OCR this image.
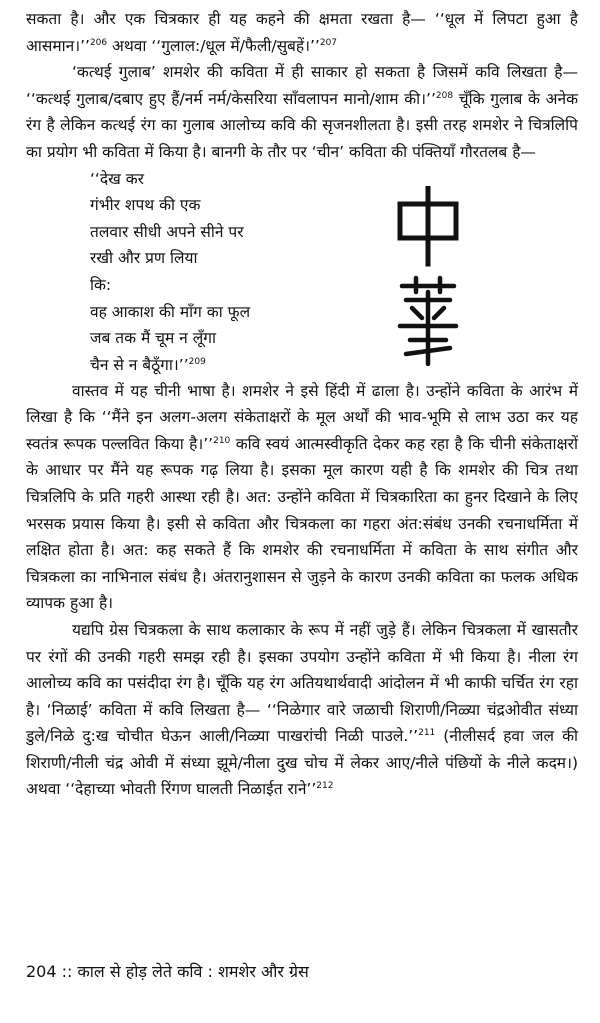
सकता है। और एक चित्रकार ही यह कहने की क्षमता रखता है— ‘‘धूल में लिपटा हुआ है आसमान।’’$^{206}$ अथवा ‘‘गुलाल:/धूल में/फैली/सुबहें।’’$^{207}$

‘कत्थई गुलाब’ शमशेर की कविता में ही साकार हो सकता है जिसमें कवि लिखता है— ‘‘कत्थई गुलाब/दबाए हुए हैं/नर्म नर्म/केसरिया साँवलापन मानो/शाम की।’’$^{208}$ चूँकि गुलाब के अनेक रंग है लेकिन कत्थई रंग का गुलाब आलोच्य कवि की सृजनशीलता है। इसी तरह शमशेर ने चित्रलिपि का प्रयोग भी कविता में किया है। बानगी के तौर पर ‘चीन’ कविता की पंक्तियाँ गौरतलब है—

‘‘देख कर
गंभीर शपथ की एक
तलवार सीधी अपने सीने पर
रखी और प्रण लिया
कि:
वह आकाश की माँग का फूल
जब तक मैं चूम न लूँगा
चैन से न बैठूँगा।’’$^{209}$

वास्तव में यह चीनी भाषा है। शमशेर ने इसे हिंदी में ढाला है। उन्होंने कविता के आरंभ में लिखा है कि ‘‘मैंने इन अलग-अलग संकेताक्षरों के मूल अर्थों की भाव-भूमि से लाभ उठा कर यह स्वतंत्र रूपक पल्लवित किया है।’’$^{210}$ कवि स्वयं आत्मस्वीकृति देकर कह रहा है कि चीनी संकेताक्षरों के आधार पर मैंने यह रूपक गढ़ लिया है। इसका मूल कारण यही है कि शमशेर की चित्र तथा चित्रलिपि के प्रति गहरी आस्था रही है। अत: उन्होंने कविता में चित्रकारिता का हुनर दिखाने के लिए भरसक प्रयास किया है। इसी से कविता और चित्रकला का गहरा अंत:संबंध उनकी रचनाधर्मिता में लक्षित होता है। अत: कह सकते हैं कि शमशेर की रचनाधर्मिता में कविता के साथ संगीत और चित्रकला का नाभिनाल संबंध है। अंतरानुशासन से जुड़ने के कारण उनकी कविता का फलक अधिक व्यापक हुआ है।

यद्यपि ग्रेस चित्रकला के साथ कलाकार के रूप में नहीं जुड़े हैं। लेकिन चित्रकला में खासतौर पर रंगों की उनकी गहरी समझ रही है। इसका उपयोग उन्होंने कविता में भी किया है। नीला रंग आलोच्य कवि का पसंदीदा रंग है। चूँकि यह रंग अतियथार्थवादी आंदोलन में भी काफी चर्चित रंग रहा है। ‘निळाई’ कविता में कवि लिखता है— ‘‘निळेगार वारे जळाची शिराणी/निळ्या चंद्रओवीत संध्या डुले/निळे दु:ख चोचीत घेऊन आली/निळ्या पाखरांची निळी पाउले.’’$^{211}$ (नीलीसर्द हवा जल की शिराणी/नीली चंद्र ओवी में संध्या झूमे/नीला दुख चोच में लेकर आए/नीले पंछियों के नीले कदम।) अथवा ‘‘देहाच्या भोवती रिंगण घालती निळाईत राने’’$^{212}$

204 :: काल से होड़ लेते कवि : शमशेर और ग्रेस
